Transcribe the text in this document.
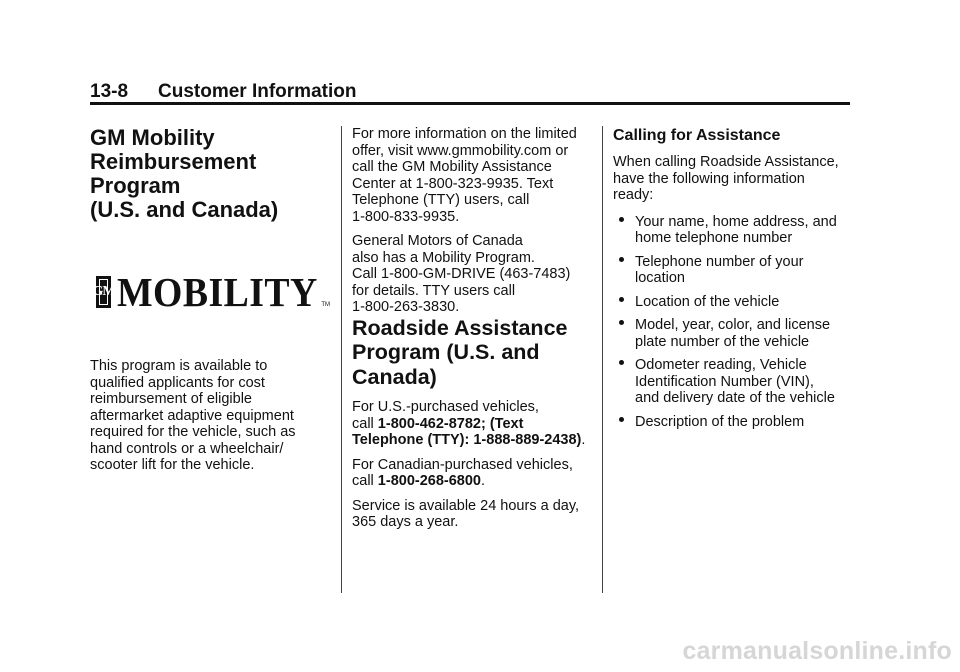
13-8 Customer Information
GM Mobility
Reimbursement Program
(U.S. and Canada)
GM MOBILITY TM

This program is available to
qualified applicants for cost
reimbursement of eligible
aftermarket adaptive equipment
required for the vehicle, such as
hand controls or a wheelchair/
scooter lift for the vehicle.

For more information on the limited
offer, visit www.gmmobility.com or
call the GM Mobility Assistance
Center at 1-800-323-9935. Text
Telephone (TTY) users, call
1-800-833-9935.

General Motors of Canada
also has a Mobility Program.
Call 1-800-GM-DRIVE (463-7483)
for details. TTY users call
1-800-263-3830.

Roadside Assistance
Program (U.S. and
Canada)

For U.S.-purchased vehicles,
call 1-800-462-8782; (Text
Telephone (TTY): 1-888-889-2438).

For Canadian-purchased vehicles,
call 1-800-268-6800.

Service is available 24 hours a day,
365 days a year.

Calling for Assistance

When calling Roadside Assistance,
have the following information
ready:

Your name, home address, and
home telephone number
Telephone number of your
location
Location of the vehicle
Model, year, color, and license
plate number of the vehicle
Odometer reading, Vehicle
Identification Number (VIN),
and delivery date of the vehicle
Description of the problem
carmanualsonline.info
